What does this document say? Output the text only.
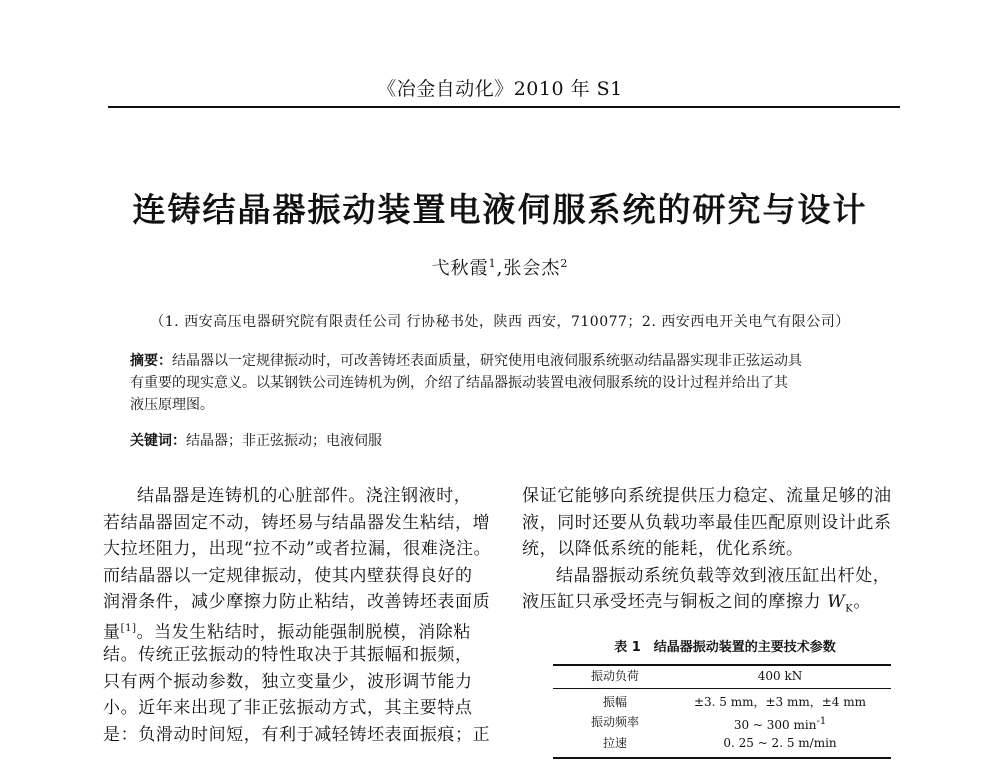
《冶金自动化》2010 年 S1
连铸结晶器振动装置电液伺服系统的研究与设计
弋秋霞$^1$,张会杰$^2$
（1. 西安高压电器研究院有限责任公司 行协秘书处，陕西 西安，710077；2. 西安西电开关电气有限公司）
摘要：结晶器以一定规律振动时，可改善铸坯表面质量，研究使用电液伺服系统驱动结晶器实现非正弦运动具
有重要的现实意义。以某钢铁公司连铸机为例，介绍了结晶器振动装置电液伺服系统的设计过程并给出了其
液压原理图。
关键词：结晶器；非正弦振动；电液伺服
结晶器是连铸机的心脏部件。浇注钢液时，
若结晶器固定不动，铸坯易与结晶器发生粘结，增
大拉坯阻力，出现“拉不动”或者拉漏，很难浇注。
而结晶器以一定规律振动，使其内壁获得良好的
润滑条件，减少摩擦力防止粘结，改善铸坯表面质
量[1]。当发生粘结时，振动能强制脱模，消除粘
结。传统正弦振动的特性取决于其振幅和振频，
只有两个振动参数，独立变量少，波形调节能力
小。近年来出现了非正弦振动方式，其主要特点
是：负滑动时间短，有利于减轻铸坯表面振痕；正
保证它能够向系统提供压力稳定、流量足够的油
液，同时还要从负载功率最佳匹配原则设计此系
统，以降低系统的能耗，优化系统。
结晶器振动系统负载等效到液压缸出杆处，
液压缸只承受坯壳与铜板之间的摩擦力 $W_K$。
表 1　结晶器振动装置的主要技术参数
振动负荷	400 kN
振幅	±3. 5 mm，±3 mm，±4 mm
振动频率	30 ~ 300 $\min^{-1}$
拉速	0. 25 ~ 2. 5 m/min
